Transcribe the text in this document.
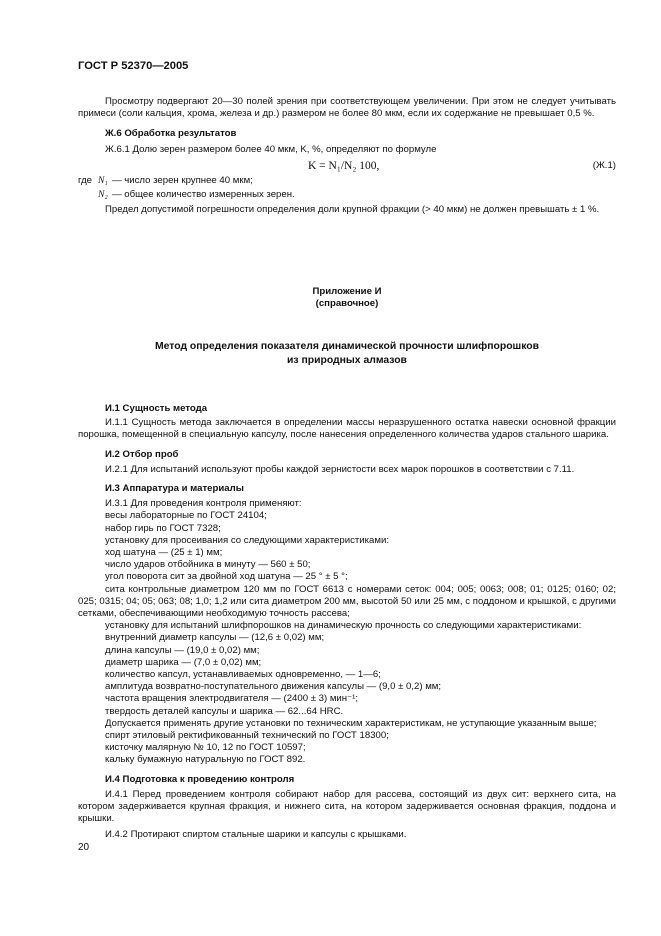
ГОСТ Р 52370—2005

Просмотру подвергают 20—30 полей зрения при соответствующем увеличении. При этом не следует учитывать примеси (соли кальция, хрома, железа и др.) размером не более 80 мкм, если их содержание не превышает 0,5 %.

Ж.6 Обработка результатов

Ж.6.1 Долю зерен размером более 40 мкм, K, %, определяют по формуле

K = N₁/N₂ 100,	(Ж.1)
где N₁ — число зерен крупнее 40 мкм;
N₂ — общее количество измеренных зерен.

Предел допустимой погрешности определения доли крупной фракции (> 40 мкм) не должен превышать ± 1 %.

Приложение И

(справочное)

Метод определения показателя динамической прочности шлифпорошков

из природных алмазов

И.1 Сущность метода

И.1.1 Сущность метода заключается в определении массы неразрушенного остатка навески основной фракции порошка, помещенной в специальную капсулу, после нанесения определенного количества ударов стального шарика.

И.2 Отбор проб

И.2.1 Для испытаний используют пробы каждой зернистости всех марок порошков в соответствии с 7.11.

И.3 Аппаратура и материалы

И.3.1 Для проведения контроля применяют:

весы лабораторные по ГОСТ 24104;

набор гирь по ГОСТ 7328;

установку для просеивания со следующими характеристиками:

ход шатуна — (25 ± 1) мм;

число ударов отбойника в минуту — 560 ± 50;

угол поворота сит за двойной ход шатуна — 25 ° ± 5 °;

сита контрольные диаметром 120 мм по ГОСТ 6613 с номерами сеток: 004; 005; 0063; 008; 01; 0125; 0160; 02; 025; 0315; 04; 05; 063; 08; 1,0; 1,2 или сита диаметром 200 мм, высотой 50 или 25 мм, с поддоном и крышкой, с другими сетками, обеспечивающими необходимую точность рассева;

установку для испытаний шлифпорошков на динамическую прочность со следующими характеристиками:

внутренний диаметр капсулы — (12,6 ± 0,02) мм;

длина капсулы — (19,0 ± 0,02) мм;

диаметр шарика — (7,0 ± 0,02) мм;

количество капсул, устанавливаемых одновременно, — 1—6;

амплитуда возвратно-поступательного движения капсулы — (9,0 ± 0,2) мм;

частота вращения электродвигателя — (2400 ± 3) мин⁻¹;

твердость деталей капсулы и шарика — 62...64 HRC.

Допускается применять другие установки по техническим характеристикам, не уступающие указанным выше;

спирт этиловый ректификованный технический по ГОСТ 18300;

кисточку малярную № 10, 12 по ГОСТ 10597;

кальку бумажную натуральную по ГОСТ 892.

И.4 Подготовка к проведению контроля

И.4.1 Перед проведением контроля собирают набор для рассева, состоящий из двух сит: верхнего сита, на котором задерживается крупная фракция, и нижнего сита, на котором задерживается основная фракция, поддона и крышки.

И.4.2 Протирают спиртом стальные шарики и капсулы с крышками.

20
